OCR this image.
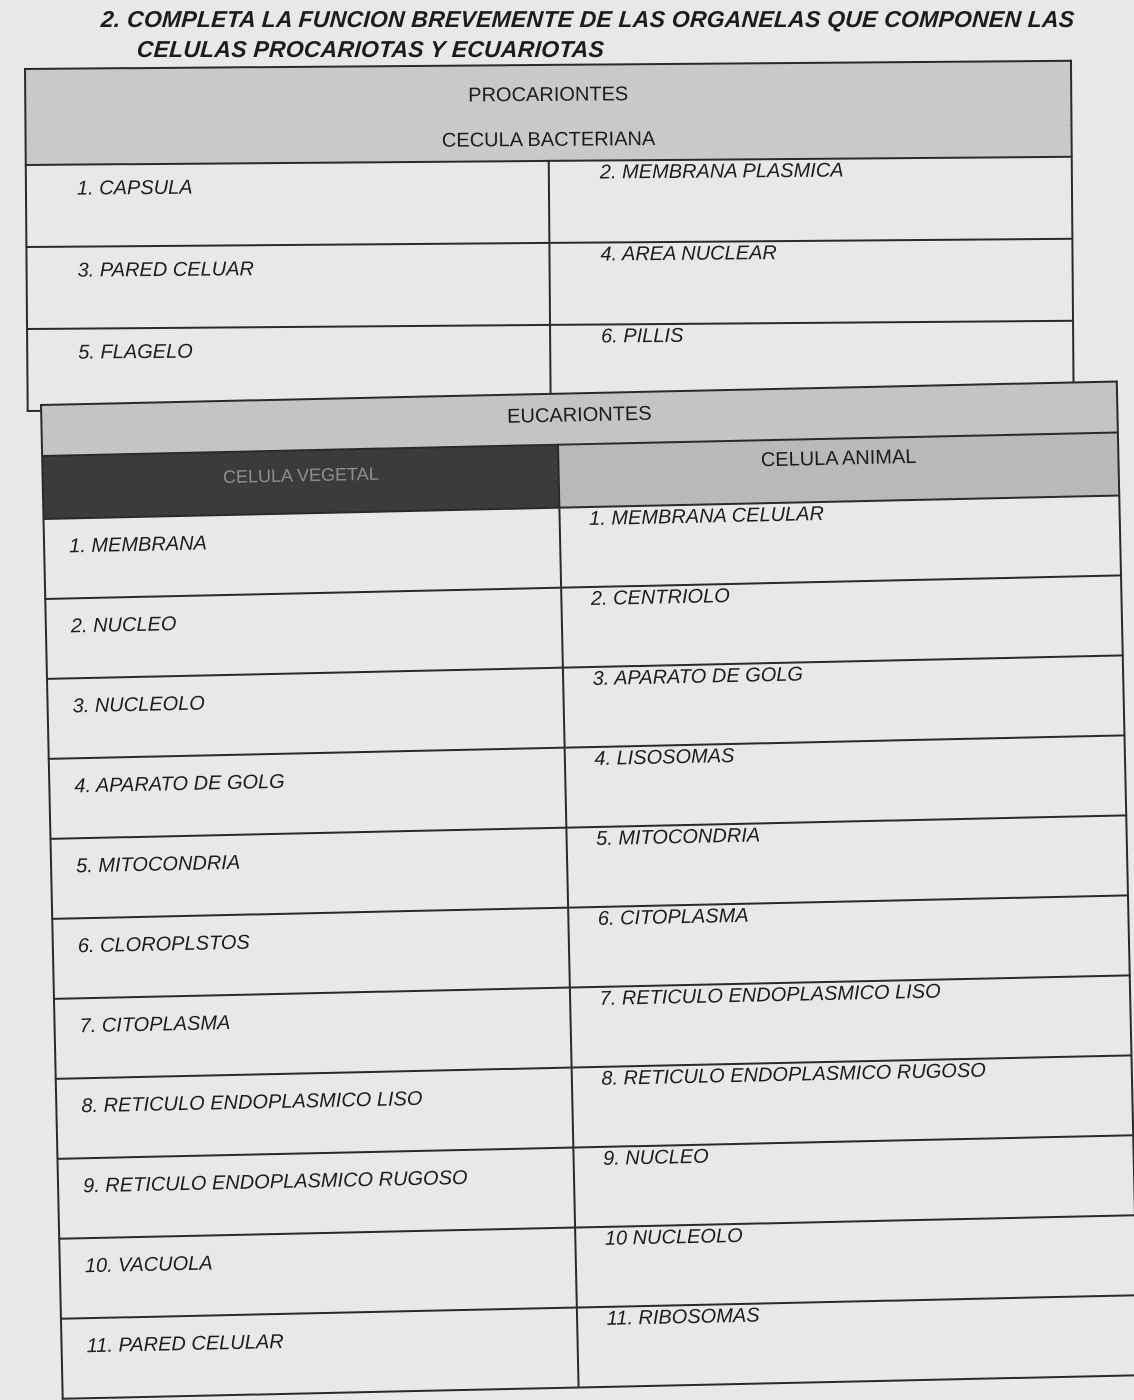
2. COMPLETA LA FUNCION BREVEMENTE DE LAS ORGANELAS QUE COMPONEN LAS
CELULAS PROCARIOTAS Y ECUARIOTAS
PROCARIONTES	
CECULA BACTERIANA	
1. CAPSULA	2. MEMBRANA PLASMICA
3. PARED CELUAR	4. AREA NUCLEAR
5. FLAGELO	6. PILLIS
EUCARIONTES	
CELULA VEGETAL	CELULA ANIMAL
1. MEMBRANA	1. MEMBRANA CELULAR
2. NUCLEO	2. CENTRIOLO
3. NUCLEOLO	3. APARATO DE GOLG
4. APARATO DE GOLG	4. LISOSOMAS
5. MITOCONDRIA	5. MITOCONDRIA
6. CLOROPLSTOS	6. CITOPLASMA
7. CITOPLASMA	7. RETICULO ENDOPLASMICO LISO
8. RETICULO ENDOPLASMICO LISO	8. RETICULO ENDOPLASMICO RUGOSO
9. RETICULO ENDOPLASMICO RUGOSO	9. NUCLEO
10. VACUOLA	10 NUCLEOLO
11. PARED CELULAR	11. RIBOSOMAS
